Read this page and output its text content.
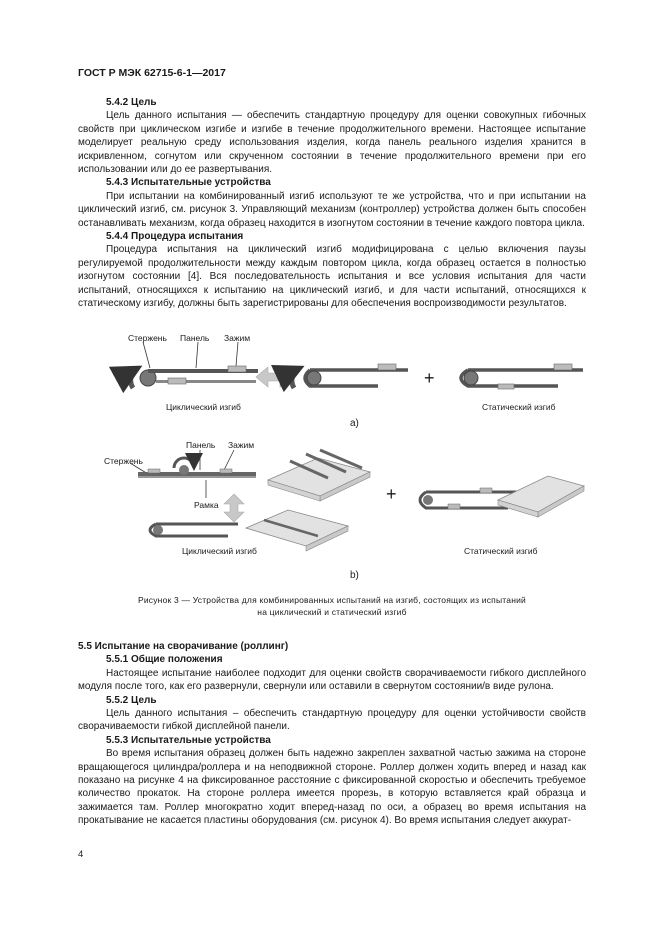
ГОСТ Р МЭК 62715-6-1—2017

5.4.2 Цель

Цель данного испытания — обеспечить стандартную процедуру для оценки совокупных гибочных свойств при циклическом изгибе и изгибе в течение продолжительного времени. Настоящее испытание моделирует реальную среду использования изделия, когда панель реального изделия хранится в искривленном, согнутом или скрученном состоянии в течение продолжительного времени при его использовании или до ее развертывания.

5.4.3 Испытательные устройства

При испытании на комбинированный изгиб используют те же устройства, что и при испытании на циклический изгиб, см. рисунок 3. Управляющий механизм (контроллер) устройства должен быть способен останавливать механизм, когда образец находится в изогнутом состоянии в течение каждого повтора цикла.

5.4.4 Процедура испытания

Процедура испытания на циклический изгиб модифицирована с целью включения паузы регулируемой продолжительности между каждым повтором цикла, когда образец остается в полностью изогнутом состоянии [4]. Вся последовательность испытания и все условия испытания для части испытаний, относящихся к испытанию на циклический изгиб, и для части испытаний, относящихся к статическому изгибу, должны быть зарегистрированы для обеспечения воспроизводимости результатов.

Стержень Панель Зажим
Циклический изгиб
+
Статический изгиб
а)
Панель Зажим
Стержень
Рамка
+
Циклический изгиб	Статический изгиб
b)
Рисунок 3 — Устройства для комбинированных испытаний на изгиб, состоящих из испытаний
на циклический и статический изгиб

5.5 Испытание на сворачивание (роллинг)

5.5.1 Общие положения

Настоящее испытание наиболее подходит для оценки свойств сворачиваемости гибкого дисплейного модуля после того, как его развернули, свернули или оставили в свернутом состоянии/в виде рулона.

5.5.2 Цель

Цель данного испытания – обеспечить стандартную процедуру для оценки устойчивости свойств сворачиваемости гибкой дисплейной панели.

5.5.3 Испытательные устройства

Во время испытания образец должен быть надежно закреплен захватной частью зажима на стороне вращающегося цилиндра/роллера и на неподвижной стороне. Роллер должен ходить вперед и назад как показано на рисунке 4 на фиксированное расстояние с фиксированной скоростью и обеспечить требуемое количество прокаток. На стороне роллера имеется прорезь, в которую вставляется край образца и зажимается там. Роллер многократно ходит вперед-назад по оси, а образец во время испытания на прокатывание не касается пластины оборудования (см. рисунок 4). Во время испытания следует аккурат-

4
